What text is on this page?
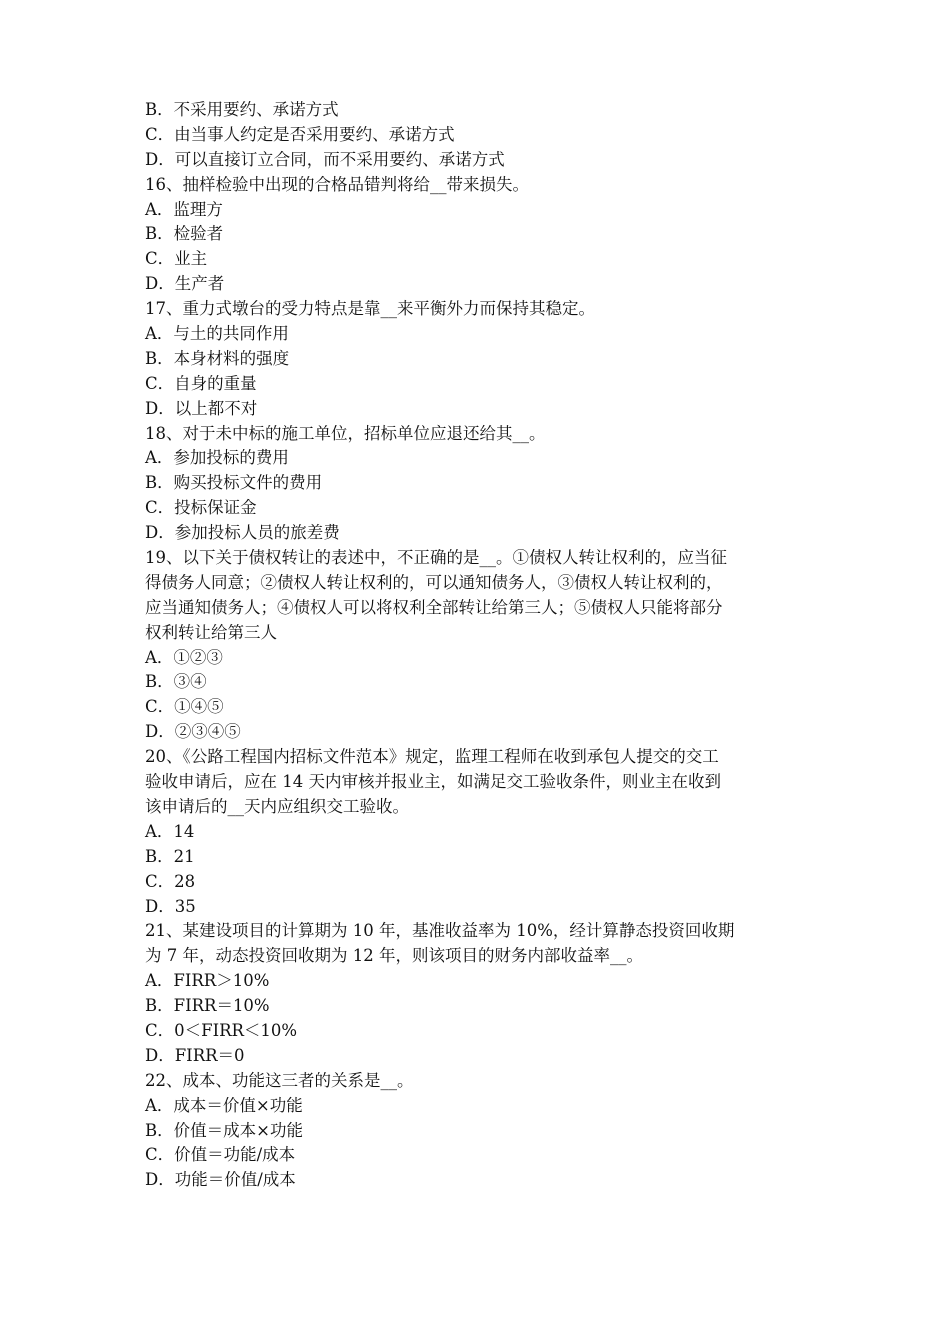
B．不采用要约、承诺方式
C．由当事人约定是否采用要约、承诺方式
D．可以直接订立合同，而不采用要约、承诺方式
16、抽样检验中出现的合格品错判将给__带来损失。
A．监理方
B．检验者
C．业主
D．生产者
17、重力式墩台的受力特点是靠__来平衡外力而保持其稳定。
A．与土的共同作用
B．本身材料的强度
C．自身的重量
D．以上都不对
18、对于未中标的施工单位，招标单位应退还给其__。
A．参加投标的费用
B．购买投标文件的费用
C．投标保证金
D．参加投标人员的旅差费
19、以下关于债权转让的表述中，不正确的是__。①债权人转让权利的，应当征
得债务人同意；②债权人转让权利的，可以通知债务人，③债权人转让权利的，
应当通知债务人；④债权人可以将权利全部转让给第三人；⑤债权人只能将部分
权利转让给第三人
A．①②③
B．③④
C．①④⑤
D．②③④⑤
20、《公路工程国内招标文件范本》规定，监理工程师在收到承包人提交的交工
验收申请后，应在 14 天内审核并报业主，如满足交工验收条件，则业主在收到
该申请后的__天内应组织交工验收。
A．14
B．21
C．28
D．35
21、某建设项目的计算期为 10 年，基准收益率为 10%，经计算静态投资回收期
为 7 年，动态投资回收期为 12 年，则该项目的财务内部收益率__。
A．FIRR＞10%
B．FIRR＝10%
C．0＜FIRR＜10%
D．FIRR＝0
22、成本、功能这三者的关系是__。
A．成本＝价值×功能
B．价值＝成本×功能
C．价值＝功能/成本
D．功能＝价值/成本
